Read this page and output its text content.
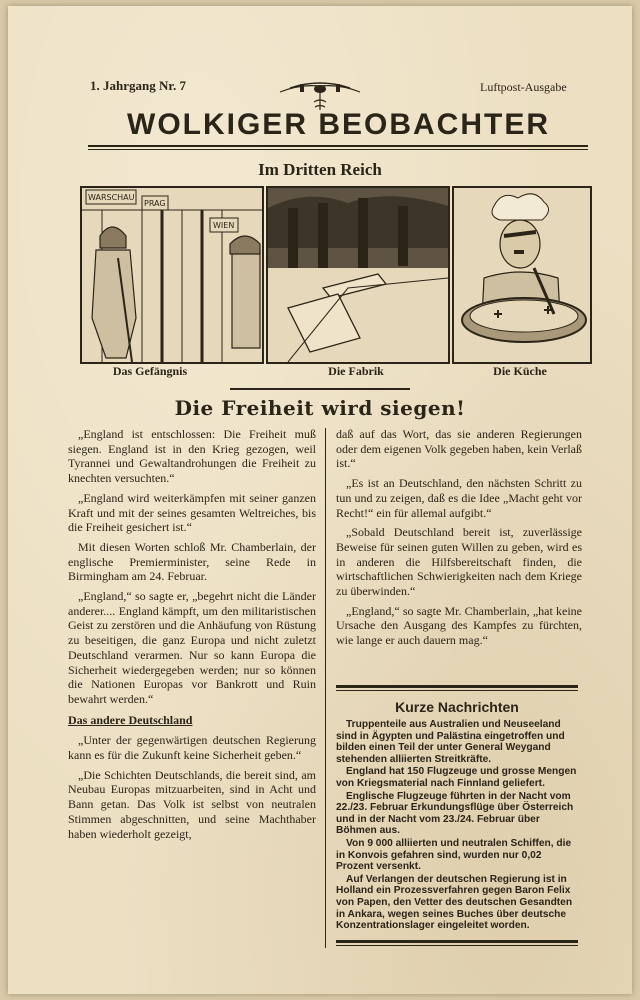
1. Jahrgang Nr. 7	Luftpost-Ausgabe
WOLKIGER BEOBACHTER
Im Dritten Reich
WARSCHAU
PRAG
WIEN
Das Gefängnis	Die Fabrik	Die Küche
Die Freiheit wird siegen!

„England ist entschlossen: Die Freiheit muß siegen. England ist in den Krieg gezogen, weil Tyrannei und Gewaltandrohungen die Freiheit zu knechten versuchten.“

„England wird weiterkämpfen mit seiner ganzen Kraft und mit der seines gesamten Weltreiches, bis die Freiheit gesichert ist.“

Mit diesen Worten schloß Mr. Chamberlain, der englische Premierminister, seine Rede in Birmingham am 24. Februar.

„England,“ so sagte er, „begehrt nicht die Länder anderer.... England kämpft, um den militaristischen Geist zu zerstören und die Anhäufung von Rüstung zu beseitigen, die ganz Europa und nicht zuletzt Deutschland verarmen. Nur so kann Europa die Sicherheit wiedergegeben werden; nur so können die Nationen Europas vor Bankrott und Ruin bewahrt werden.“

Das andere Deutschland

„Unter der gegenwärtigen deutschen Regierung kann es für die Zukunft keine Sicherheit geben.“

„Die Schichten Deutschlands, die bereit sind, am Neubau Europas mitzuarbeiten, sind in Acht und Bann getan. Das Volk ist selbst von neutralen Stimmen abgeschnitten, und seine Machthaber haben wiederholt gezeigt,

daß auf das Wort, das sie anderen Regierungen oder dem eigenen Volk gegeben haben, kein Verlaß ist.“

„Es ist an Deutschland, den nächsten Schritt zu tun und zu zeigen, daß es die Idee „Macht geht vor Recht!“ ein für allemal aufgibt.“

„Sobald Deutschland bereit ist, zuverlässige Beweise für seinen guten Willen zu geben, wird es in anderen die Hilfsbereitschaft finden, die wirtschaftlichen Schwierigkeiten nach dem Kriege zu überwinden.“

„England,“ so sagte Mr. Chamberlain, „hat keine Ursache den Ausgang des Kampfes zu fürchten, wie lange er auch dauern mag.“

Kurze Nachrichten

Truppenteile aus Australien und Neuseeland sind in Ägypten und Palästina eingetroffen und bilden einen Teil der unter General Weygand stehenden alliierten Streitkräfte.

England hat 150 Flugzeuge und grosse Mengen von Kriegsmaterial nach Finnland geliefert.

Englische Flugzeuge führten in der Nacht vom 22./23. Februar Erkundungsflüge über Österreich und in der Nacht vom 23./24. Februar über Böhmen aus.

Von 9 000 alliierten und neutralen Schiffen, die in Konvois gefahren sind, wurden nur 0,02 Prozent versenkt.

Auf Verlangen der deutschen Regierung ist in Holland ein Prozessverfahren gegen Baron Felix von Papen, den Vetter des deutschen Gesandten in Ankara, wegen seines Buches über deutsche Konzentrationslager eingeleitet worden.
